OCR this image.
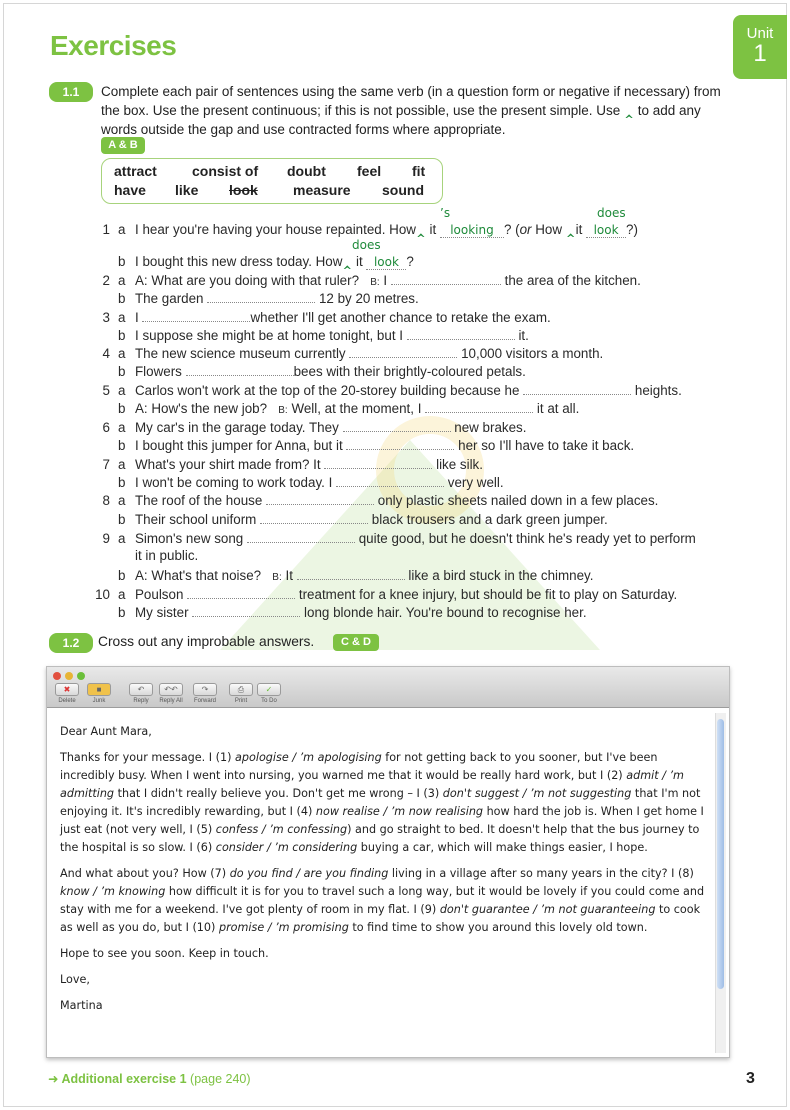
Exercises	Unit
1
1.1	Complete each pair of sentences using the same verb (in a question form or negative if necessary) from the box. Use the present continuous; if this is not possible, use the present simple. Use ‸ to add any words outside the gap and use contracted forms where appropriate.
A & B
attract	consist of doubt feel fit
have like look	measure sound
1 a
’s	does
I hear you're having your house repainted. How‸ it looking ? (or How ‸it look ?)
does
b I bought this new dress today. How‸ it look ?
2 a A: What are you doing with that ruler? B: I	the area of the kitchen.
b The garden	12 by 20 metres.
3 a I	whether I'll get another chance to retake the exam.
b I suppose she might be at home tonight, but I	it.
4 a The new science museum currently	10,000 visitors a month.
b Flowers	bees with their brightly-coloured petals.
5 a Carlos won't work at the top of the 20-storey building because he	heights.
b A: How's the new job? B: Well, at the moment, I	it at all.
6 a My car's in the garage today. They	new brakes.
b I bought this jumper for Anna, but it	her so I'll have to take it back.
7 a What's your shirt made from? It	like silk.
b I won't be coming to work today. I	very well.
8 a The roof of the house	only plastic sheets nailed down in a few places.
b Their school uniform	black trousers and a dark green jumper.
9 a Simon's new song	quite good, but he doesn't think he's ready yet to perform
it in public.
b A: What's that noise? B: It	like a bird stuck in the chimney.
10 a Poulson	treatment for a knee injury, but should be fit to play on Saturday.
b My sister	long blonde hair. You're bound to recognise her.
1.2	Cross out any improbable answers.	C & D
✖
Delete
■
Junk
↶
Reply
↶↶
Reply All
↷
Forward
⎙
Print
✓
To Do

Dear Aunt Mara,

Thanks for your message. I (1) apologise / ’m apologising for not getting back to you sooner, but I've been incredibly busy. When I went into nursing, you warned me that it would be really hard work, but I (2) admit / ’m admitting that I didn't really believe you. Don't get me wrong – I (3) don't suggest / ’m not suggesting that I'm not enjoying it. It's incredibly rewarding, but I (4) now realise / ’m now realising how hard the job is. When I get home I just eat (not very well, I (5) confess / ’m confessing) and go straight to bed. It doesn't help that the bus journey to the hospital is so slow. I (6) consider / ’m considering buying a car, which will make things easier, I hope.

And what about you? How (7) do you find / are you finding living in a village after so many years in the city? I (8) know / ’m knowing how difficult it is for you to travel such a long way, but it would be lovely if you could come and stay with me for a weekend. I've got plenty of room in my flat. I (9) don't guarantee / ’m not guaranteeing to cook as well as you do, but I (10) promise / ’m promising to find time to show you around this lovely old town.

Hope to see you soon. Keep in touch.

Love,

Martina

➜ Additional exercise 1 (page 240)	3
